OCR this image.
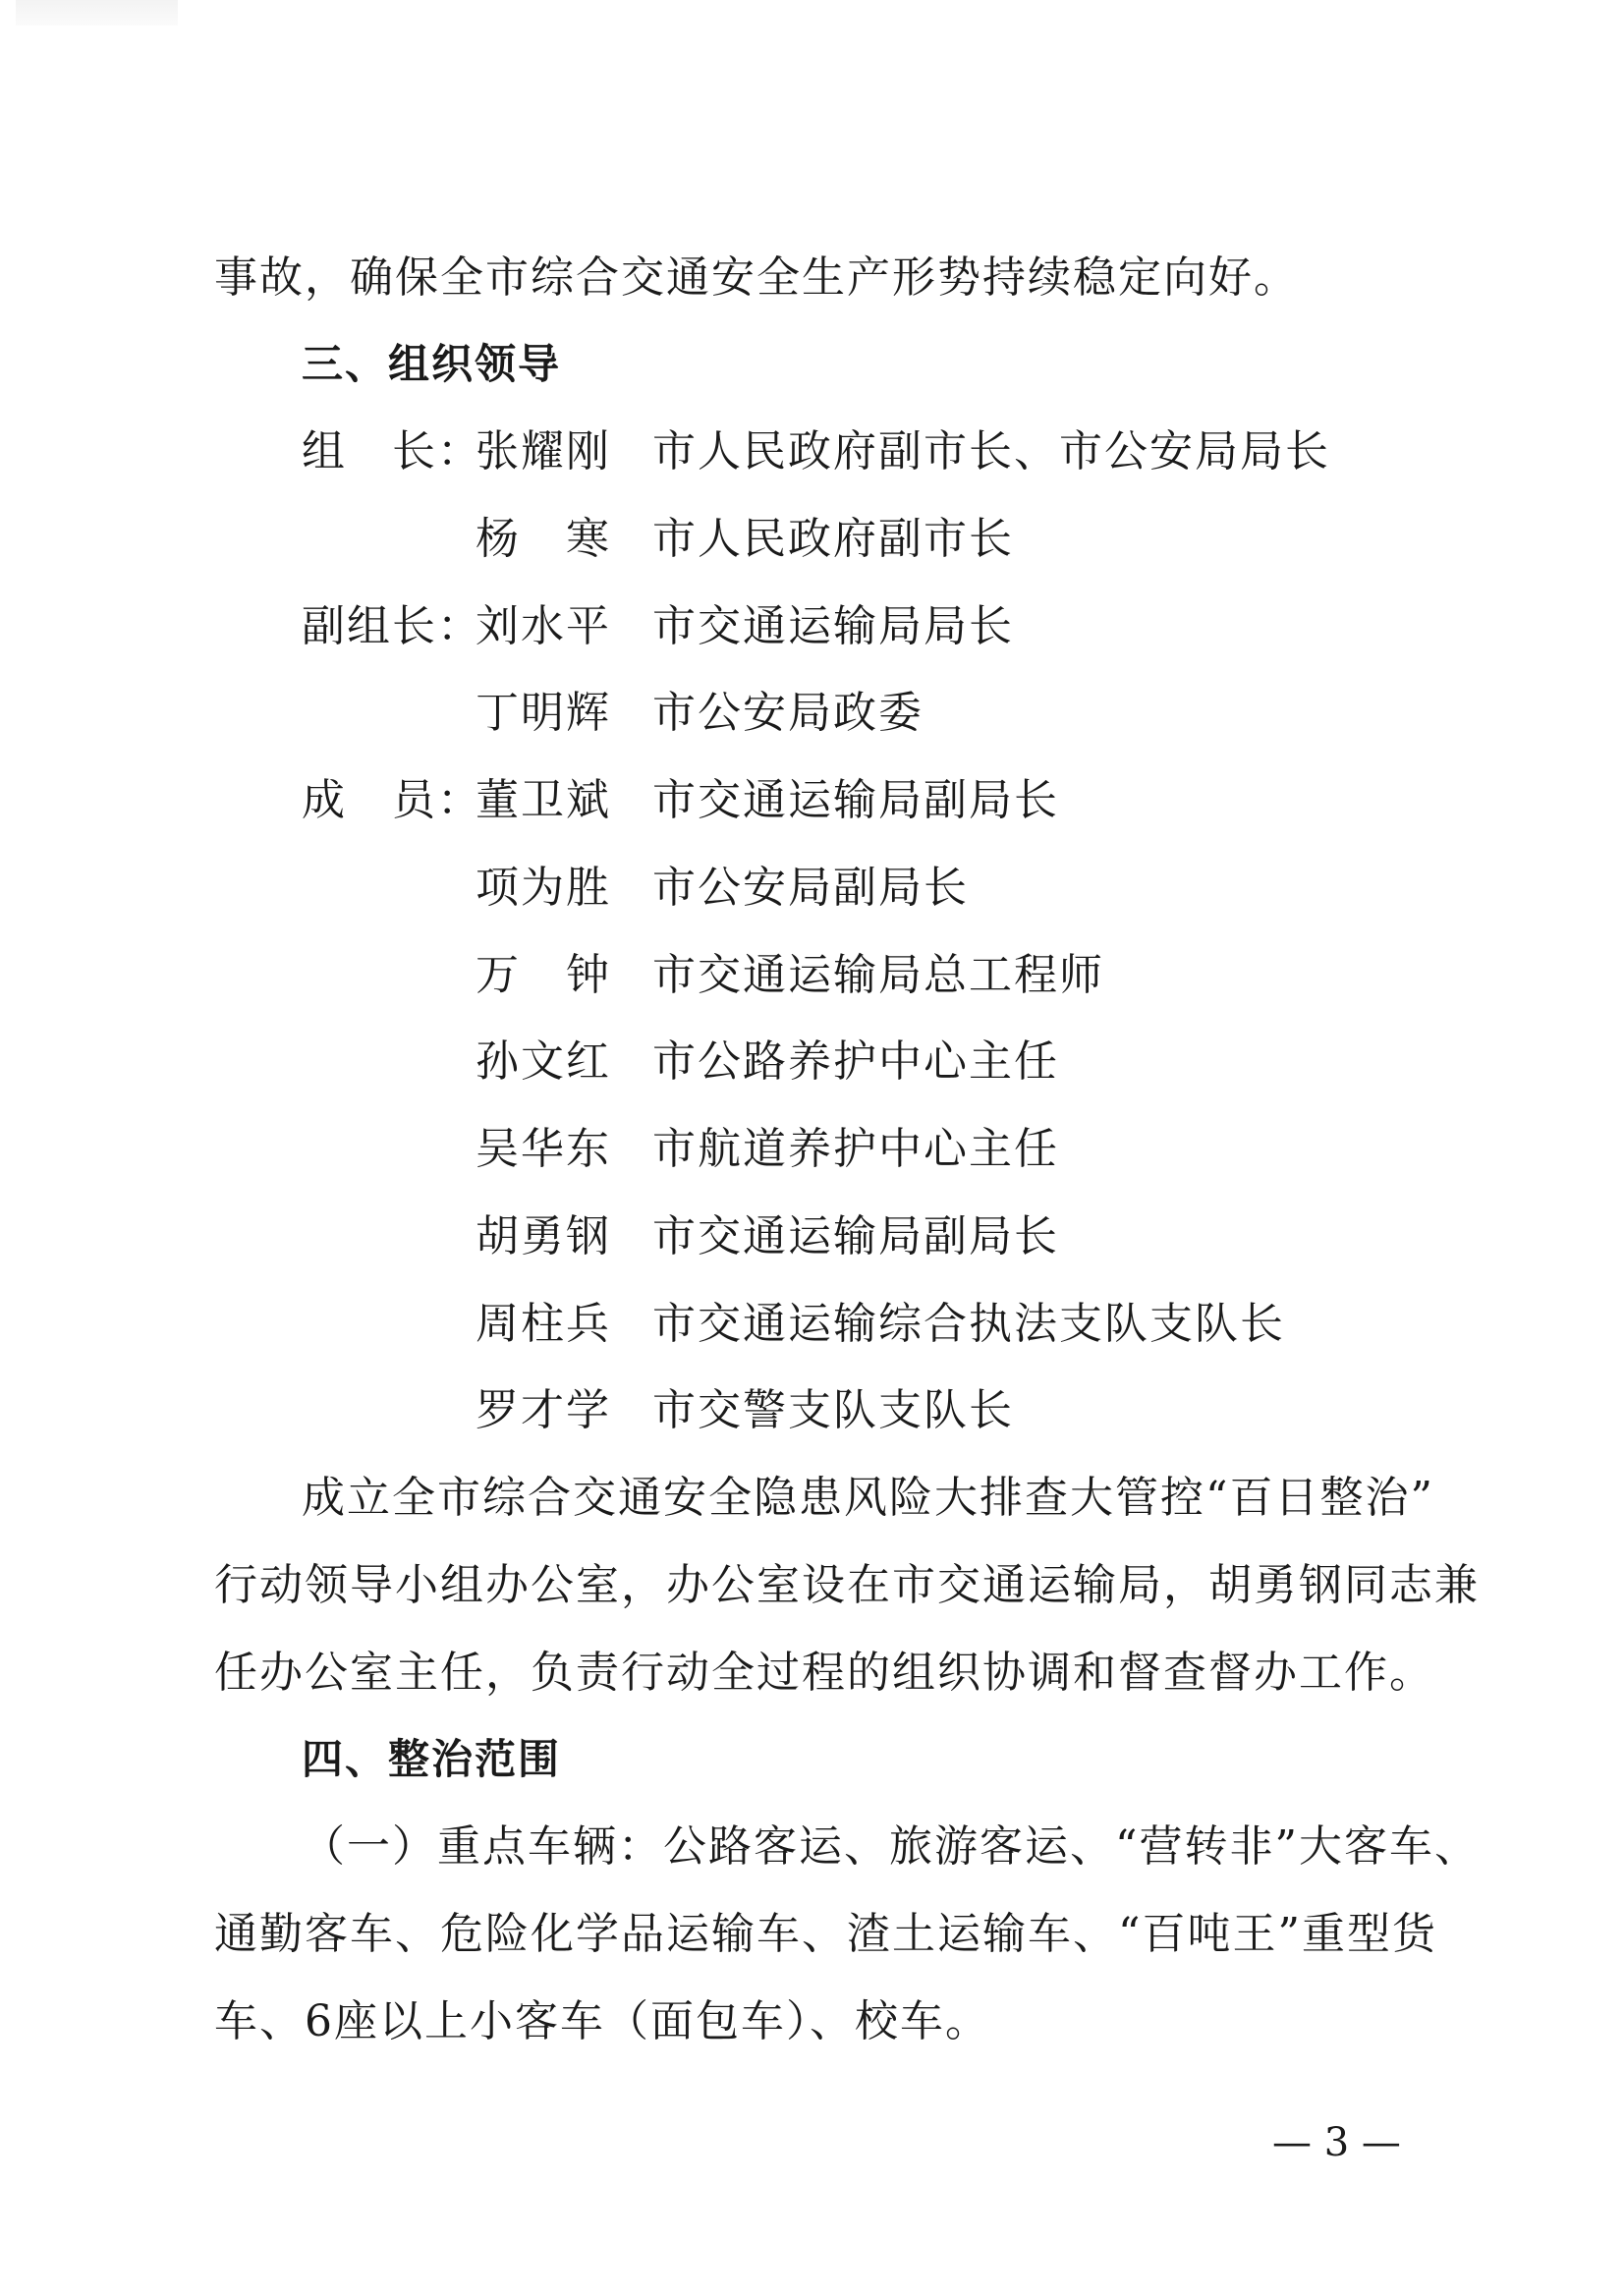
事故，确保全市综合交通安全生产形势持续稳定向好。
三、组织领导
组　长：
张耀刚 市人民政府副市长、市公安局局长
杨　寒 市人民政府副市长
副组长：
刘水平 市交通运输局局长
丁明辉 市公安局政委
成　员：
董卫斌 市交通运输局副局长
项为胜 市公安局副局长
万　钟 市交通运输局总工程师
孙文红 市公路养护中心主任
吴华东 市航道养护中心主任
胡勇钢 市交通运输局副局长
周柱兵 市交通运输综合执法支队支队长
罗才学 市交警支队支队长
成立全市综合交通安全隐患风险大排查大管控“百日整治”
行动领导小组办公室，办公室设在市交通运输局，胡勇钢同志兼
任办公室主任，负责行动全过程的组织协调和督查督办工作。
四、整治范围
（一）重点车辆：公路客运、旅游客运、“营转非”大客车、
通勤客车、危险化学品运输车、渣土运输车、“百吨王”重型货
车、6座以上小客车（面包车）、校车。
— 3 —
